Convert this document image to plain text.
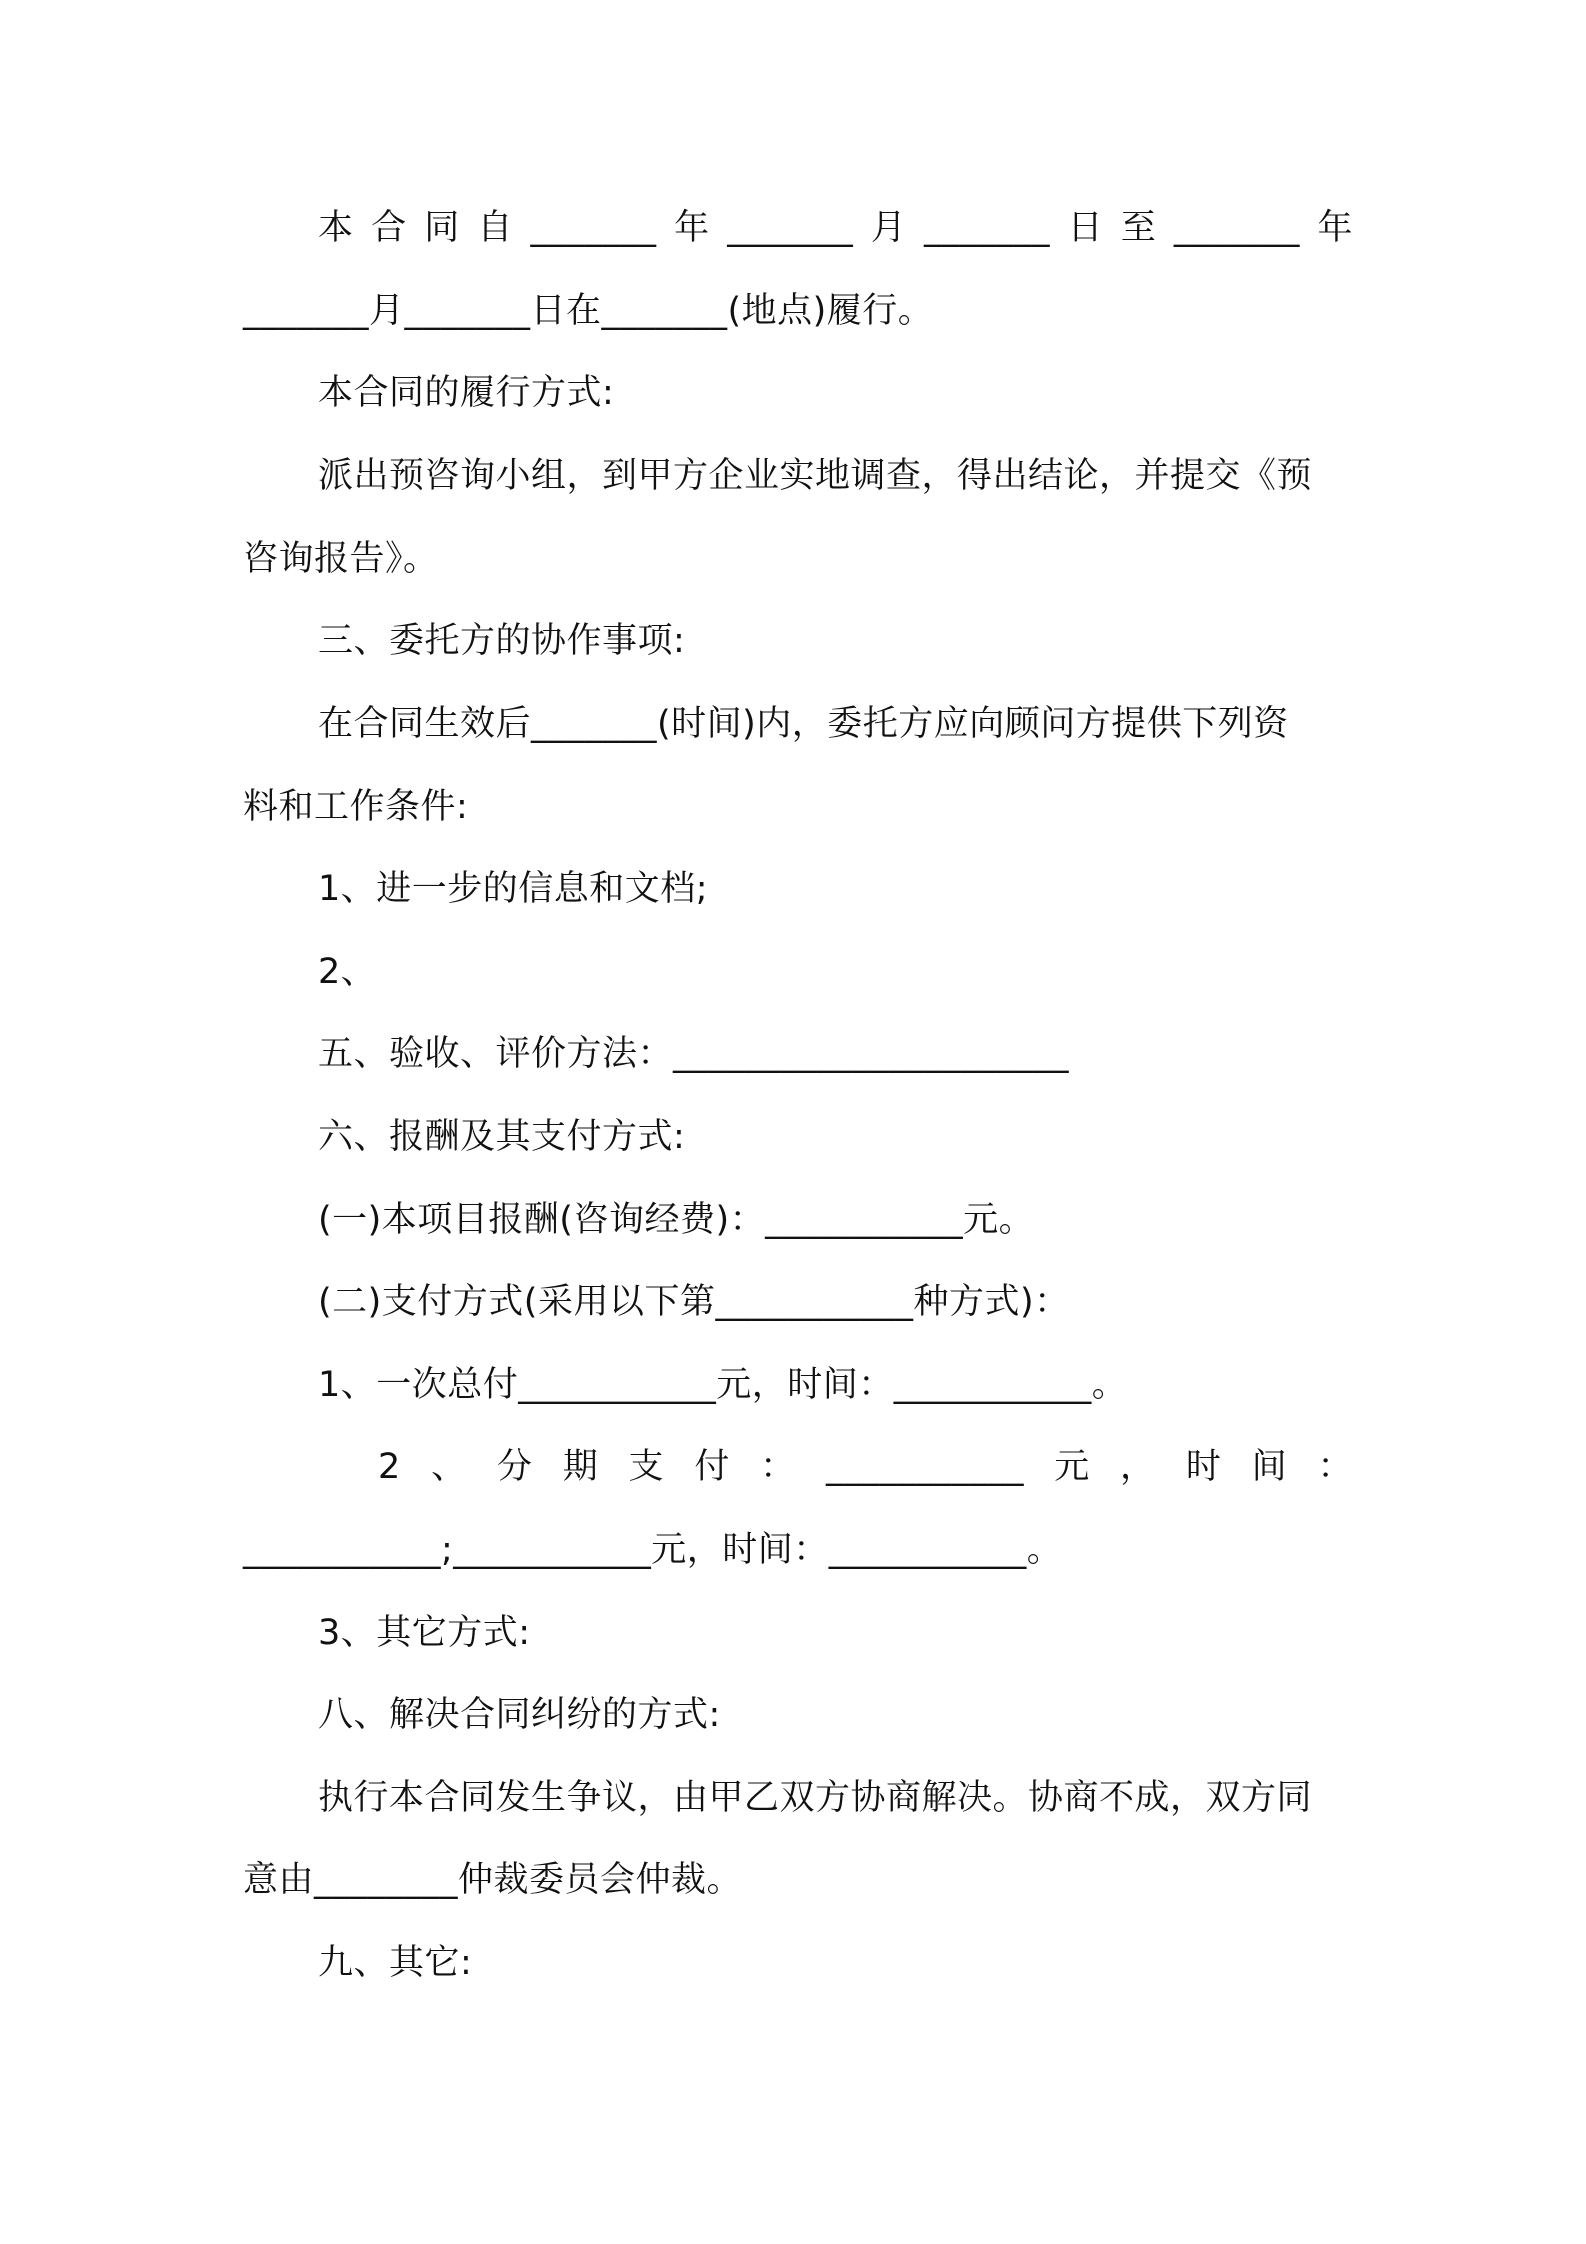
本合同自_______年_______月_______日至_______年
_______月_______日在_______(地点)履行。
本合同的履行方式:
派出预咨询小组，到甲方企业实地调查，得出结论，并提交《预
咨询报告》。
三、委托方的协作事项:
在合同生效后_______(时间)内，委托方应向顾问方提供下列资
料和工作条件:
1、进一步的信息和文档;
2、
五、验收、评价方法：______________________
六、报酬及其支付方式:
(一)本项目报酬(咨询经费)：___________元。
(二)支付方式(采用以下第___________种方式)：
1、一次总付___________元，时间：___________。
2、分期支付：___________元，时间：
___________;___________元，时间：___________。
3、其它方式:
八、解决合同纠纷的方式:
执行本合同发生争议，由甲乙双方协商解决。协商不成，双方同
意由________仲裁委员会仲裁。
九、其它:
